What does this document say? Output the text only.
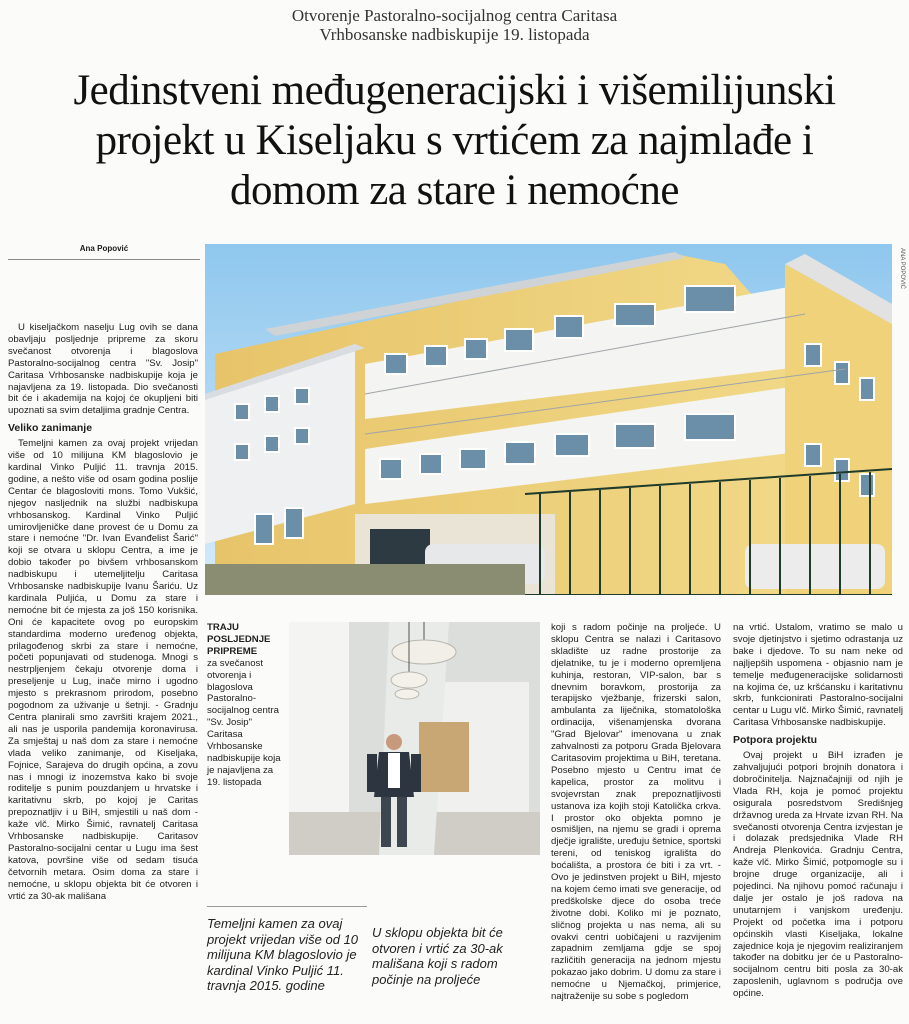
Otvorenje Pastoralno-socijalnog centra Caritasa
Vrhbosanske nadbiskupije 19. listopada
Jedinstveni međugeneracijski i višemilijunski
projekt u Kiseljaku s vrtićem za najmlađe i
domom za stare i nemoćne
Ana Popović

U kiseljačkom naselju Lug ovih se dana obavljaju posljednje pripreme za skoru svečanost otvorenja i blagoslova Pastoralno-socijalnog centra "Sv. Josip" Caritasa Vrhbosanske nadbiskupije koja je najavljena za 19. listopada. Dio svečanosti bit će i akademija na kojoj će okupljeni biti upoznati sa svim detaljima gradnje Centra.

Veliko zanimanje

Temeljni kamen za ovaj projekt vrijedan više od 10 milijuna KM blagoslovio je kardinal Vinko Puljić 11. travnja 2015. godine, a nešto više od osam godina poslije Centar će blagosloviti mons. Tomo Vukšić, njegov nasljednik na službi nadbiskupa vrhbosanskog. Kardinal Vinko Puljić umirovljeničke dane provest će u Domu za stare i nemoćne "Dr. Ivan Evanđelist Šarić" koji se otvara u sklopu Centra, a ime je dobio također po bivšem vrhbosanskom nadbiskupu i utemeljitelju Caritasa Vrhbosanske nadbiskupije Ivanu Šariću. Uz kardinala Puljića, u Domu za stare i nemoćne bit će mjesta za još 150 korisnika. Oni će kapacitete ovog po europskim standardima moderno uređenog objekta, prilagođenog skrbi za stare i nemoćne, početi popunjavati od studenoga. Mnogi s nestrpljenjem čekaju otvorenje doma i preseljenje u Lug, inače mirno i ugodno mjesto s prekrasnom prirodom, posebno pogodnom za uživanje u šetnji. - Gradnju Centra planirali smo završiti krajem 2021., ali nas je usporila pandemija koronavirusa. Za smještaj u naš dom za stare i nemoćne vlada veliko zanimanje, od Kiseljaka, Fojnice, Sarajeva do drugih općina, a zovu nas i mnogi iz inozemstva kako bi svoje roditelje s punim pouzdanjem u hrvatske i karitativnu skrb, po kojoj je Caritas prepoznatljiv i u BiH, smjestili u naš dom - kaže vlč. Mirko Šimić, ravnatelj Caritasa Vrhbosanske nadbiskupije. Caritasov Pastoralno-socijalni centar u Lugu ima šest katova, površine više od sedam tisuća četvornih metara. Osim doma za stare i nemoćne, u sklopu objekta bit će otvoren i vrtić za 30-ak mališana

ANA POPOVIĆ
TRAJU POSLJEDNJE PRIPREME
za svečanost otvorenja i blagoslova Pastoralno-socijalnog centra "Sv. Josip" Caritasa Vrhbosanske nadbiskupije koja je najavljena za 19. listopada
Temeljni kamen za ovaj projekt vrijedan više od 10 milijuna KM blagoslovio je kardinal Vinko Puljić 11. travnja 2015. godine
U sklopu objekta bit će otvoren i vrtić za 30-ak mališana koji s radom počinje na proljeće

koji s radom počinje na proljeće. U sklopu Centra se nalazi i Caritasovo skladište uz radne prostorije za djelatnike, tu je i moderno opremljena kuhinja, restoran, VIP-salon, bar s dnevnim boravkom, prostorija za terapijsko vježbanje, frizerski salon, ambulanta za liječnika, stomatološka ordinacija, višenamjenska dvorana "Grad Bjelovar" imenovana u znak zahvalnosti za potporu Grada Bjelovara Caritasovim projektima u BiH, teretana. Posebno mjesto u Centru imat će kapelica, prostor za molitvu i svojevrstan znak prepoznatljivosti ustanova iza kojih stoji Katolička crkva. I prostor oko objekta pomno je osmišljen, na njemu se gradi i oprema dječje igralište, uređuju šetnice, sportski tereni, od teniskog igrališta do boćališta, a prostora će biti i za vrt. - Ovo je jedinstven projekt u BiH, mjesto na kojem ćemo imati sve generacije, od predškolske djece do osoba treće životne dobi. Koliko mi je poznato, sličnog projekta u nas nema, ali su ovakvi centri uobičajeni u razvijenim zapadnim zemljama gdje se spoj različitih generacija na jednom mjestu pokazao jako dobrim. U domu za stare i nemoćne u Njemačkoj, primjerice, najtraženije su sobe s pogledom

na vrtić. Ustalom, vratimo se malo u svoje djetinjstvo i sjetimo odrastanja uz bake i djedove. To su nam neke od najljepših uspomena - objasnio nam je temelje međugeneracijske solidarnosti na kojima će, uz kršćansku i karitativnu skrb, funkcionirati Pastoralno-socijalni centar u Lugu vlč. Mirko Šimić, ravnatelj Caritasa Vrhbosanske nadbiskupije.

Potpora projektu

Ovaj projekt u BiH izrađen je zahvaljujući potpori brojnih donatora i dobročinitelja. Najznačajniji od njih je Vlada RH, koja je pomoć projektu osigurala posredstvom Središnjeg državnog ureda za Hrvate izvan RH. Na svečanosti otvorenja Centra izvjestan je i dolazak predsjednika Vlade RH Andreja Plenkovića. Gradnju Centra, kaže vlč. Mirko Šimić, potpomogle su i brojne druge organizacije, ali i pojedinci. Na njihovu pomoć računaju i dalje jer ostalo je još radova na unutarnjem i vanjskom uređenju. Projekt od početka ima i potporu općinskih vlasti Kiseljaka, lokalne zajednice koja je njegovim realiziranjem također na dobitku jer će u Pastoralno-socijalnom centru biti posla za 30-ak zaposlenih, uglavnom s područja ove općine.
